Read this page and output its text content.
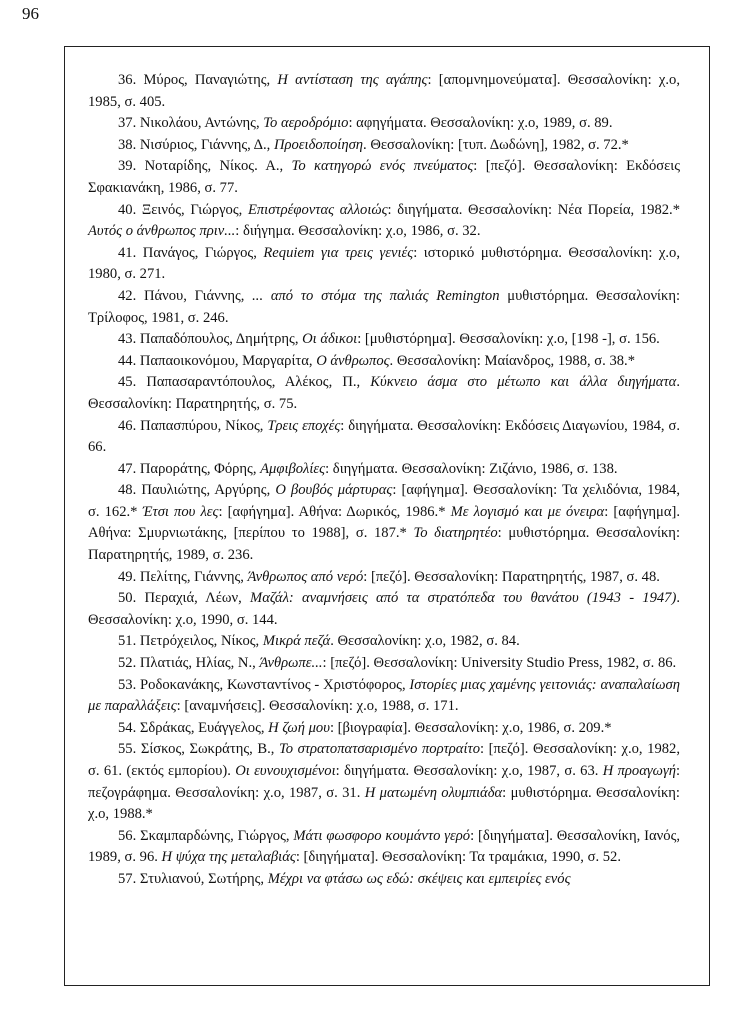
96

36. Μύρος, Παναγιώτης, Η αντίσταση της αγάπης: [απομνημονεύματα]. Θεσσαλονίκη: χ.ο, 1985, σ. 405.

37. Νικολάου, Αντώνης, Το αεροδρόμιο: αφηγήματα. Θεσσαλονίκη: χ.ο, 1989, σ. 89.

38. Νισύριος, Γιάννης, Δ., Προειδοποίηση. Θεσσαλονίκη: [τυπ. Δωδώνη], 1982, σ. 72.*

39. Νοταρίδης, Νίκος. Α., Το κατηγορώ ενός πνεύματος: [πεζό]. Θεσσαλονίκη: Εκδόσεις Σφακιανάκη, 1986, σ. 77.

40. Ξεινός, Γιώργος, Επιστρέφοντας αλλοιώς: διηγήματα. Θεσσαλονίκη: Νέα Πορεία, 1982.* Αυτός ο άνθρωπος πριν...: διήγημα. Θεσσαλονίκη: χ.ο, 1986, σ. 32.

41. Πανάγος, Γιώργος, Requiem για τρεις γενιές: ιστορικό μυθιστόρημα. Θεσσαλονίκη: χ.ο, 1980, σ. 271.

42. Πάνου, Γιάννης, ... από το στόμα της παλιάς Remington μυθιστόρημα. Θεσσαλονίκη: Τρίλοφος, 1981, σ. 246.

43. Παπαδόπουλος, Δημήτρης, Οι άδικοι: [μυθιστόρημα]. Θεσσαλονίκη: χ.ο, [198 -], σ. 156.

44. Παπαοικονόμου, Μαργαρίτα, Ο άνθρωπος. Θεσσαλονίκη: Μαίανδρος, 1988, σ. 38.*

45. Παπασαραντόπουλος, Αλέκος, Π., Κύκνειο άσμα στο μέτωπο και άλλα διηγήματα. Θεσσαλονίκη: Παρατηρητής, σ. 75.

46. Παπασπύρου, Νίκος, Τρεις εποχές: διηγήματα. Θεσσαλονίκη: Εκδόσεις Διαγωνίου, 1984, σ. 66.

47. Παροράτης, Φόρης, Αμφιβολίες: διηγήματα. Θεσσαλονίκη: Ζιζάνιο, 1986, σ. 138.

48. Παυλιώτης, Αργύρης, Ο βουβός μάρτυρας: [αφήγημα]. Θεσσαλονίκη: Τα χελιδόνια, 1984, σ. 162.* Έτσι που λες: [αφήγημα]. Αθήνα: Δωρικός, 1986.* Με λογισμό και με όνειρα: [αφήγημα]. Αθήνα: Σμυρνιωτάκης, [περίπου το 1988], σ. 187.* Το διατηρητέο: μυθιστόρημα. Θεσσαλονίκη: Παρατηρητής, 1989, σ. 236.

49. Πελίτης, Γιάννης, Άνθρωπος από νερό: [πεζό]. Θεσσαλονίκη: Παρατηρητής, 1987, σ. 48.

50. Περαχιά, Λέων, Μαζάλ: αναμνήσεις από τα στρατόπεδα του θανάτου (1943 - 1947). Θεσσαλονίκη: χ.ο, 1990, σ. 144.

51. Πετρόχειλος, Νίκος, Μικρά πεζά. Θεσσαλονίκη: χ.ο, 1982, σ. 84.

52. Πλατιάς, Ηλίας, Ν., Άνθρωπε...: [πεζό]. Θεσσαλονίκη: University Studio Press, 1982, σ. 86.

53. Ροδοκανάκης, Κωνσταντίνος - Χριστόφορος, Ιστορίες μιας χαμένης γειτονιάς: αναπαλαίωση με παραλλάξεις: [αναμνήσεις]. Θεσσαλονίκη: χ.ο, 1988, σ. 171.

54. Σδράκας, Ευάγγελος, Η ζωή μου: [βιογραφία]. Θεσσαλονίκη: χ.ο, 1986, σ. 209.*

55. Σίσκος, Σωκράτης, Β., Το στρατοπατσαρισμένο πορτραίτο: [πεζό]. Θεσσαλονίκη: χ.ο, 1982, σ. 61. (εκτός εμπορίου). Οι ευνουχισμένοι: διηγήματα. Θεσσαλονίκη: χ.ο, 1987, σ. 63. Η προαγωγή: πεζογράφημα. Θεσσαλονίκη: χ.ο, 1987, σ. 31. Η ματωμένη ολυμπιάδα: μυθιστόρημα. Θεσσαλονίκη: χ.ο, 1988.*

56. Σκαμπαρδώνης, Γιώργος, Μάτι φωσφορο κουμάντο γερό: [διηγήματα]. Θεσσαλονίκη, Ιανός, 1989, σ. 96. Η ψύχα της μεταλαβιάς: [διηγήματα]. Θεσσαλονίκη: Τα τραμάκια, 1990, σ. 52.

57. Στυλιανού, Σωτήρης, Μέχρι να φτάσω ως εδώ: σκέψεις και εμπειρίες ενός
